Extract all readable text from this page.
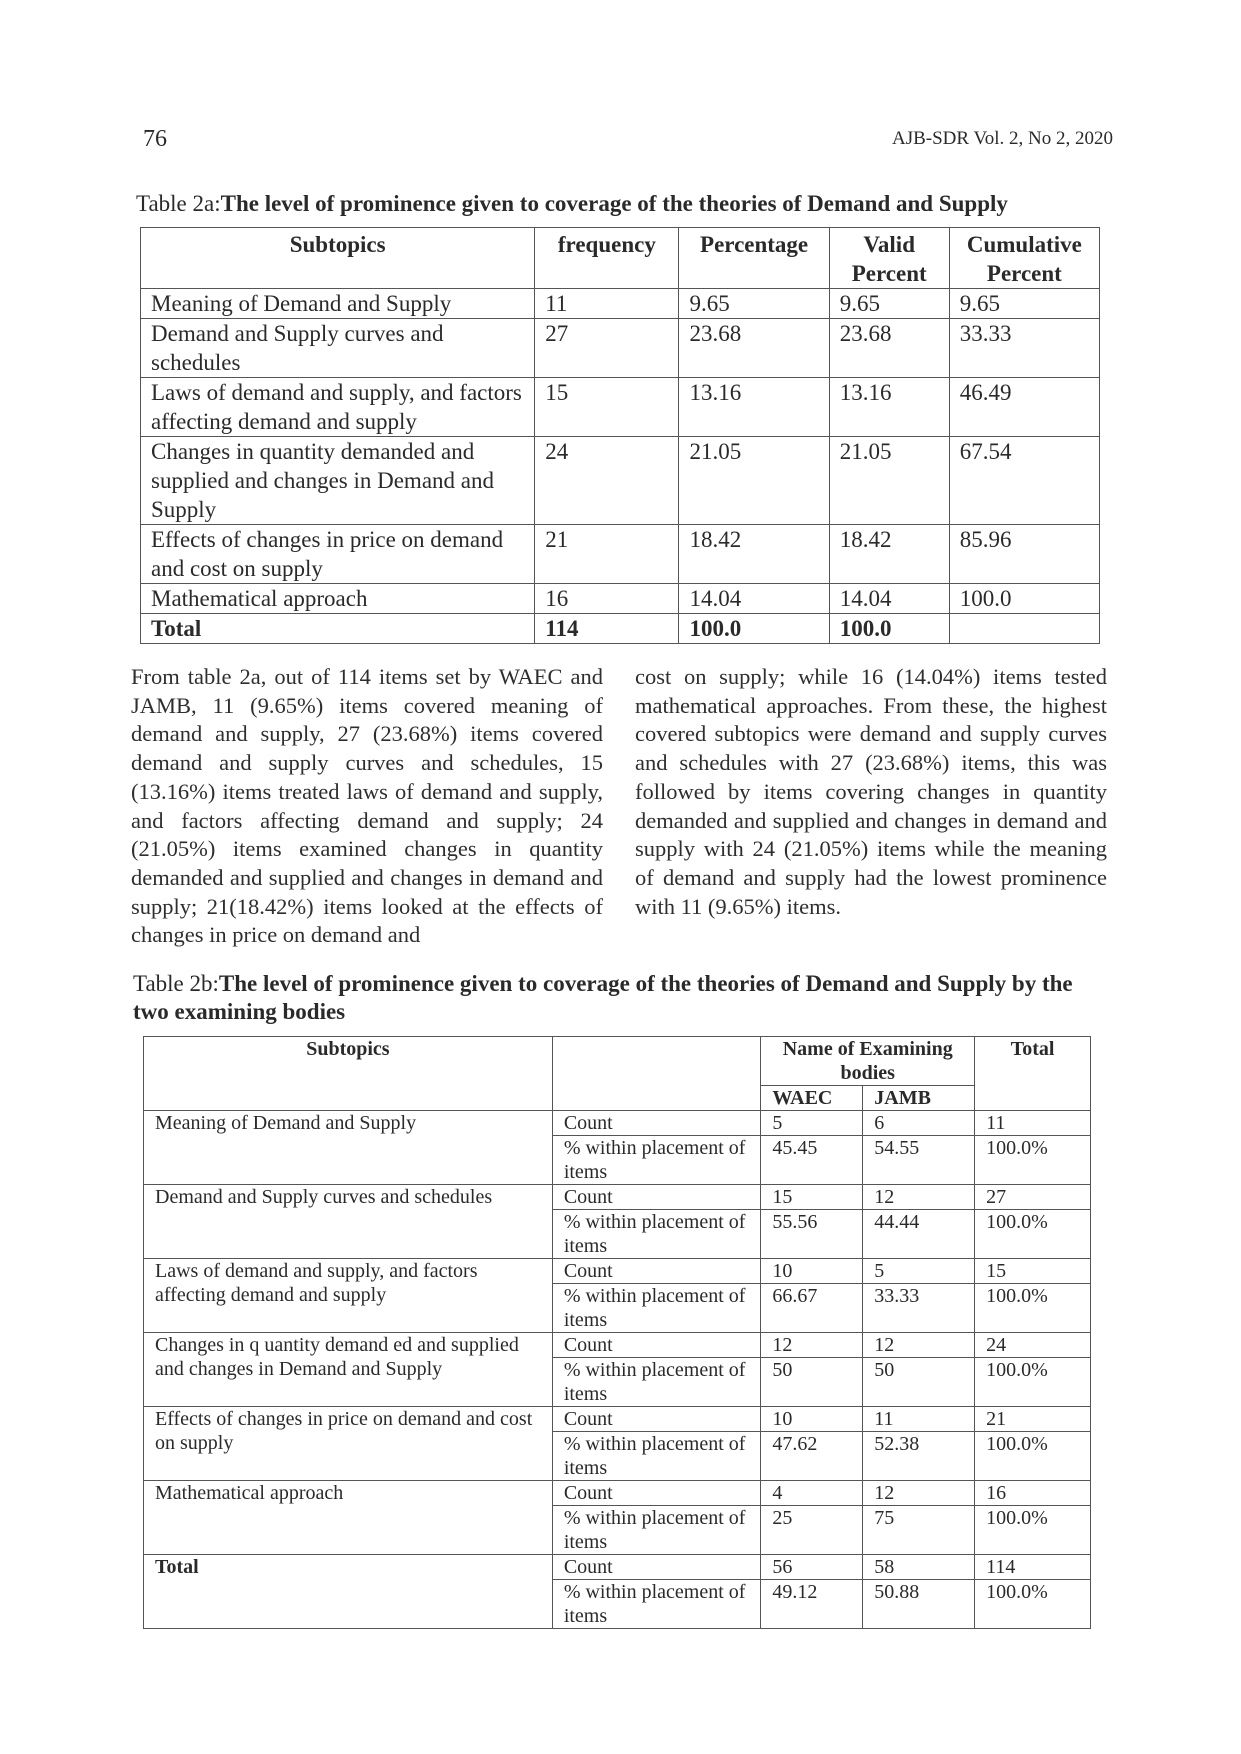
76	AJB-SDR Vol. 2, No 2, 2020
Table 2a:The level of prominence given to coverage of the theories of Demand and Supply
Subtopics	frequency	Percentage	Valid Percent	Cumulative Percent
Meaning of Demand and Supply	11	9.65	9.65	9.65
Demand and Supply curves and schedules	27	23.68	23.68	33.33
Laws of demand and supply, and factors affecting demand and supply	15	13.16	13.16	46.49
Changes in quantity demanded and supplied and changes in Demand and Supply	24	21.05	21.05	67.54
Effects of changes in price on demand and cost on supply	21	18.42	18.42	85.96
Mathematical approach	16	14.04	14.04	100.0
Total	114	100.0	100.0	
From table 2a, out of 114 items set by WAEC and JAMB, 11 (9.65%) items covered meaning of demand and supply, 27 (23.68%) items covered demand and supply curves and schedules, 15 (13.16%) items treated laws of demand and supply, and factors affecting demand and supply; 24 (21.05%) items examined changes in quantity demanded and supplied and changes in demand and supply; 21(18.42%) items looked at the effects of changes in price on demand and
cost on supply; while 16 (14.04%) items tested mathematical approaches. From these, the highest covered subtopics were demand and supply curves and schedules with 27 (23.68%) items, this was followed by items covering changes in quantity demanded and supplied and changes in demand and supply with 24 (21.05%) items while the meaning of demand and supply had the lowest prominence with 11 (9.65%) items.
Table 2b:The level of prominence given to coverage of the theories of Demand and Supply by the two examining bodies
Subtopics		Name of Examining bodies		Total
		WAEC	JAMB	
Meaning of Demand and Supply	Count	5	6	11
	% within placement of items	45.45	54.55	100.0%
Demand and Supply curves and schedules	Count	15	12	27
	% within placement of items	55.56	44.44	100.0%
Laws of demand and supply, and factors affecting demand and supply	Count	10	5	15
	% within placement of items	66.67	33.33	100.0%
Changes in q uantity demand ed and supplied and changes in Demand and Supply	Count	12	12	24
	% within placement of items	50	50	100.0%
Effects of changes in price on demand and cost on supply	Count	10	11	21
	% within placement of items	47.62	52.38	100.0%
Mathematical approach	Count	4	12	16
	% within placement of items	25	75	100.0%
Total	Count	56	58	114
	% within placement of items	49.12	50.88	100.0%
